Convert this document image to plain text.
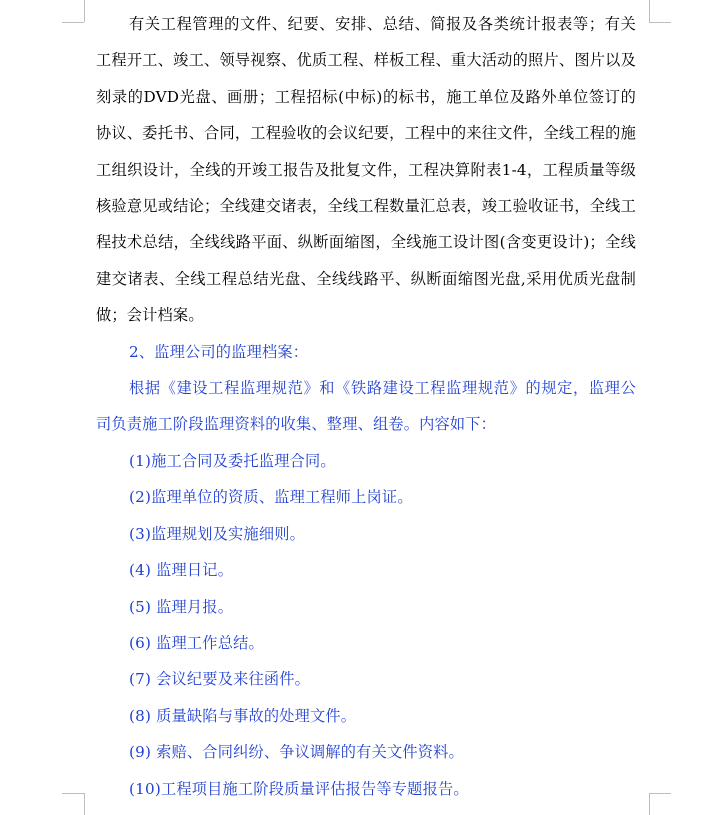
有关工程管理的文件、纪要、安排、总结、简报及各类统计报表等；有关工程开工、竣工、领导视察、优质工程、样板工程、重大活动的照片、图片以及刻录的DVD光盘、画册；工程招标(中标)的标书，施工单位及路外单位签订的协议、委托书、合同，工程验收的会议纪要，工程中的来往文件，全线工程的施工组织设计，全线的开竣工报告及批复文件，工程决算附表1-4，工程质量等级核验意见或结论；全线建交诸表，全线工程数量汇总表，竣工验收证书，全线工程技术总结，全线线路平面、纵断面缩图，全线施工设计图(含变更设计)；全线建交诸表、全线工程总结光盘、全线线路平、纵断面缩图光盘,采用优质光盘制做；会计档案。

2、监理公司的监理档案：

根据《建设工程监理规范》和《铁路建设工程监理规范》的规定，监理公司负责施工阶段监理资料的收集、整理、组卷。内容如下：

(1)施工合同及委托监理合同。
(2)监理单位的资质、监理工程师上岗证。
(3)监理规划及实施细则。
(4) 监理日记。
(5) 监理月报。
(6) 监理工作总结。
(7) 会议纪要及来往函件。
(8) 质量缺陷与事故的处理文件。
(9) 索赔、合同纠纷、争议调解的有关文件资料。
(10)工程项目施工阶段质量评估报告等专题报告。
